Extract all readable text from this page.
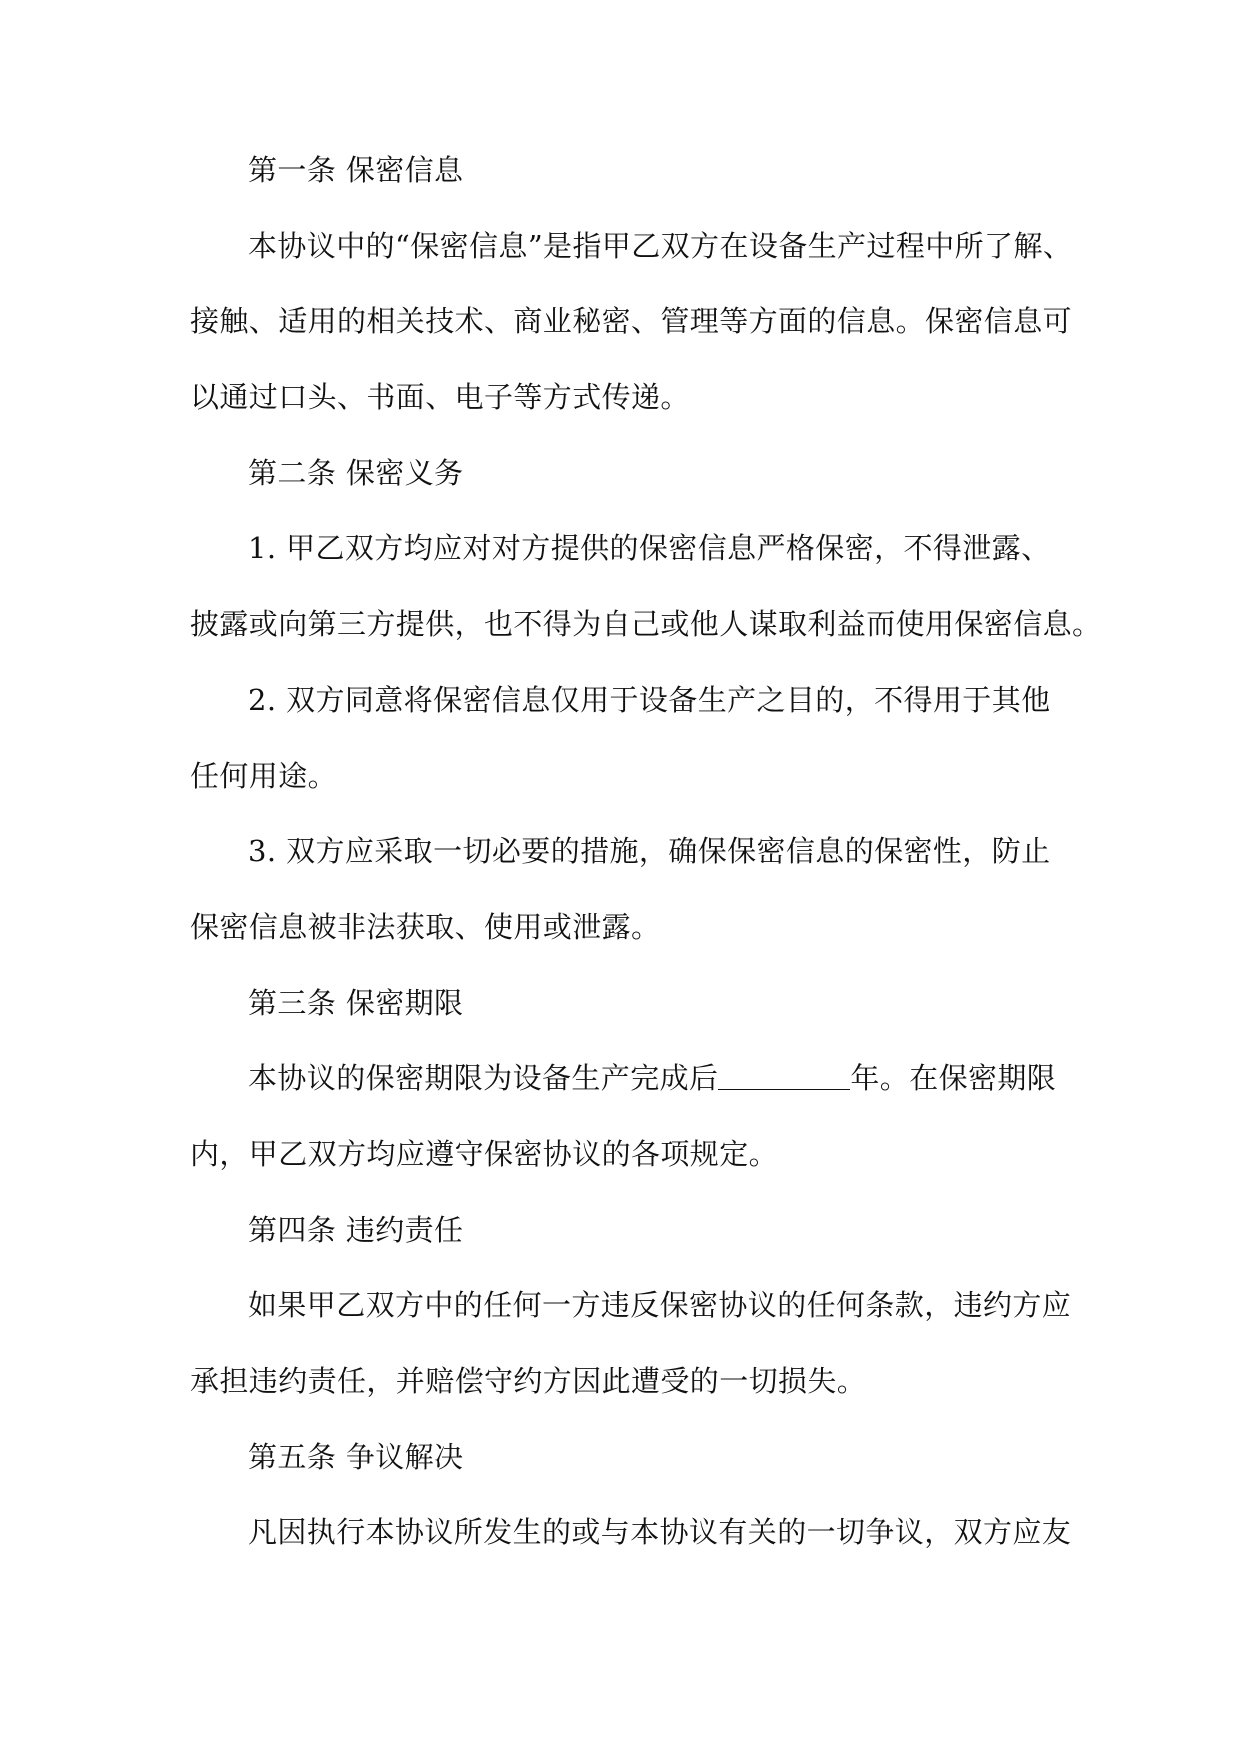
第一条 保密信息
本协议中的“保密信息”是指甲乙双方在设备生产过程中所了解、
接触、适用的相关技术、商业秘密、管理等方面的信息。保密信息可
以通过口头、书面、电子等方式传递。
第二条 保密义务
1. 甲乙双方均应对对方提供的保密信息严格保密，不得泄露、
披露或向第三方提供，也不得为自己或他人谋取利益而使用保密信息。
2. 双方同意将保密信息仅用于设备生产之目的，不得用于其他
任何用途。
3. 双方应采取一切必要的措施，确保保密信息的保密性，防止
保密信息被非法获取、使用或泄露。
第三条 保密期限
本协议的保密期限为设备生产完成后	年。在保密期限
内，甲乙双方均应遵守保密协议的各项规定。
第四条 违约责任
如果甲乙双方中的任何一方违反保密协议的任何条款，违约方应
承担违约责任，并赔偿守约方因此遭受的一切损失。
第五条 争议解决
凡因执行本协议所发生的或与本协议有关的一切争议，双方应友
